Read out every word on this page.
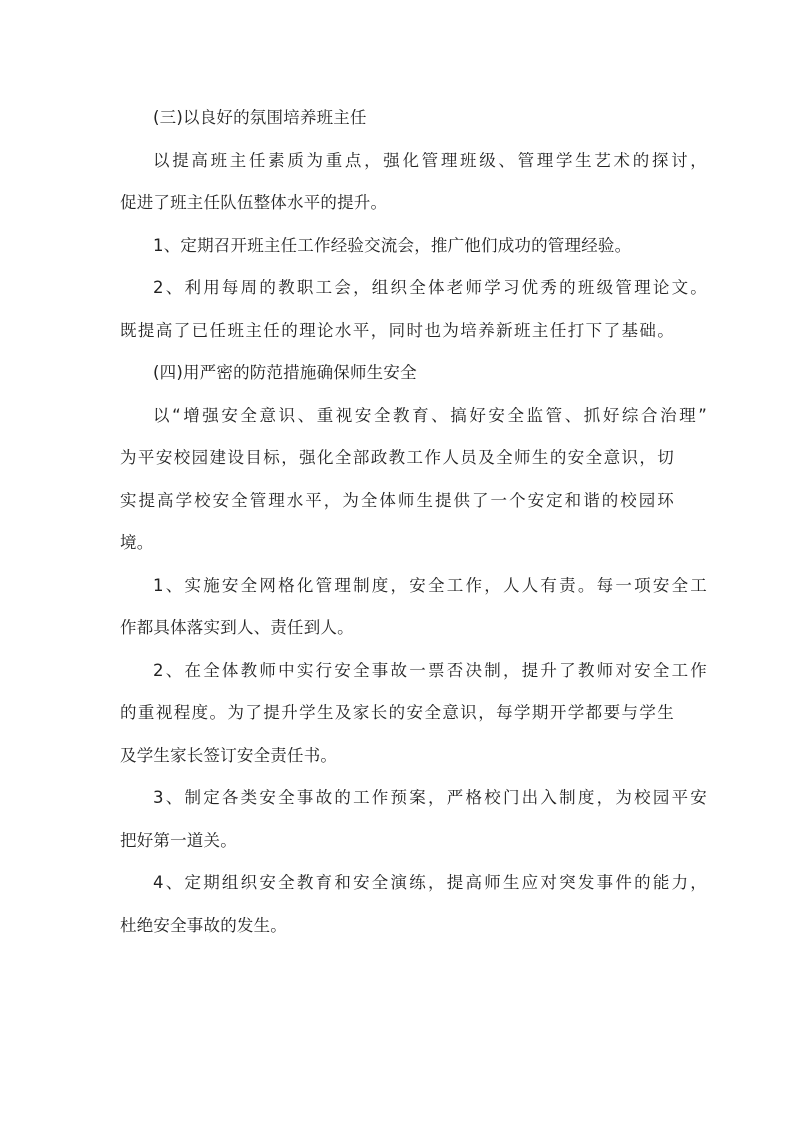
(三)以良好的氛围培养班主任

以提高班主任素质为重点，强化管理班级、管理学生艺术的探讨，

促进了班主任队伍整体水平的提升。

1、定期召开班主任工作经验交流会，推广他们成功的管理经验。

2、利用每周的教职工会，组织全体老师学习优秀的班级管理论文。

既提高了已任班主任的理论水平，同时也为培养新班主任打下了基础。

(四)用严密的防范措施确保师生安全

以“增强安全意识、重视安全教育、搞好安全监管、抓好综合治理”

为平安校园建设目标，强化全部政教工作人员及全师生的安全意识，切

实提高学校安全管理水平，为全体师生提供了一个安定和谐的校园环

境。

1、实施安全网格化管理制度，安全工作，人人有责。每一项安全工

作都具体落实到人、责任到人。

2、在全体教师中实行安全事故一票否决制，提升了教师对安全工作

的重视程度。为了提升学生及家长的安全意识，每学期开学都要与学生

及学生家长签订安全责任书。

3、制定各类安全事故的工作预案，严格校门出入制度，为校园平安

把好第一道关。

4、定期组织安全教育和安全演练，提高师生应对突发事件的能力，

杜绝安全事故的发生。
